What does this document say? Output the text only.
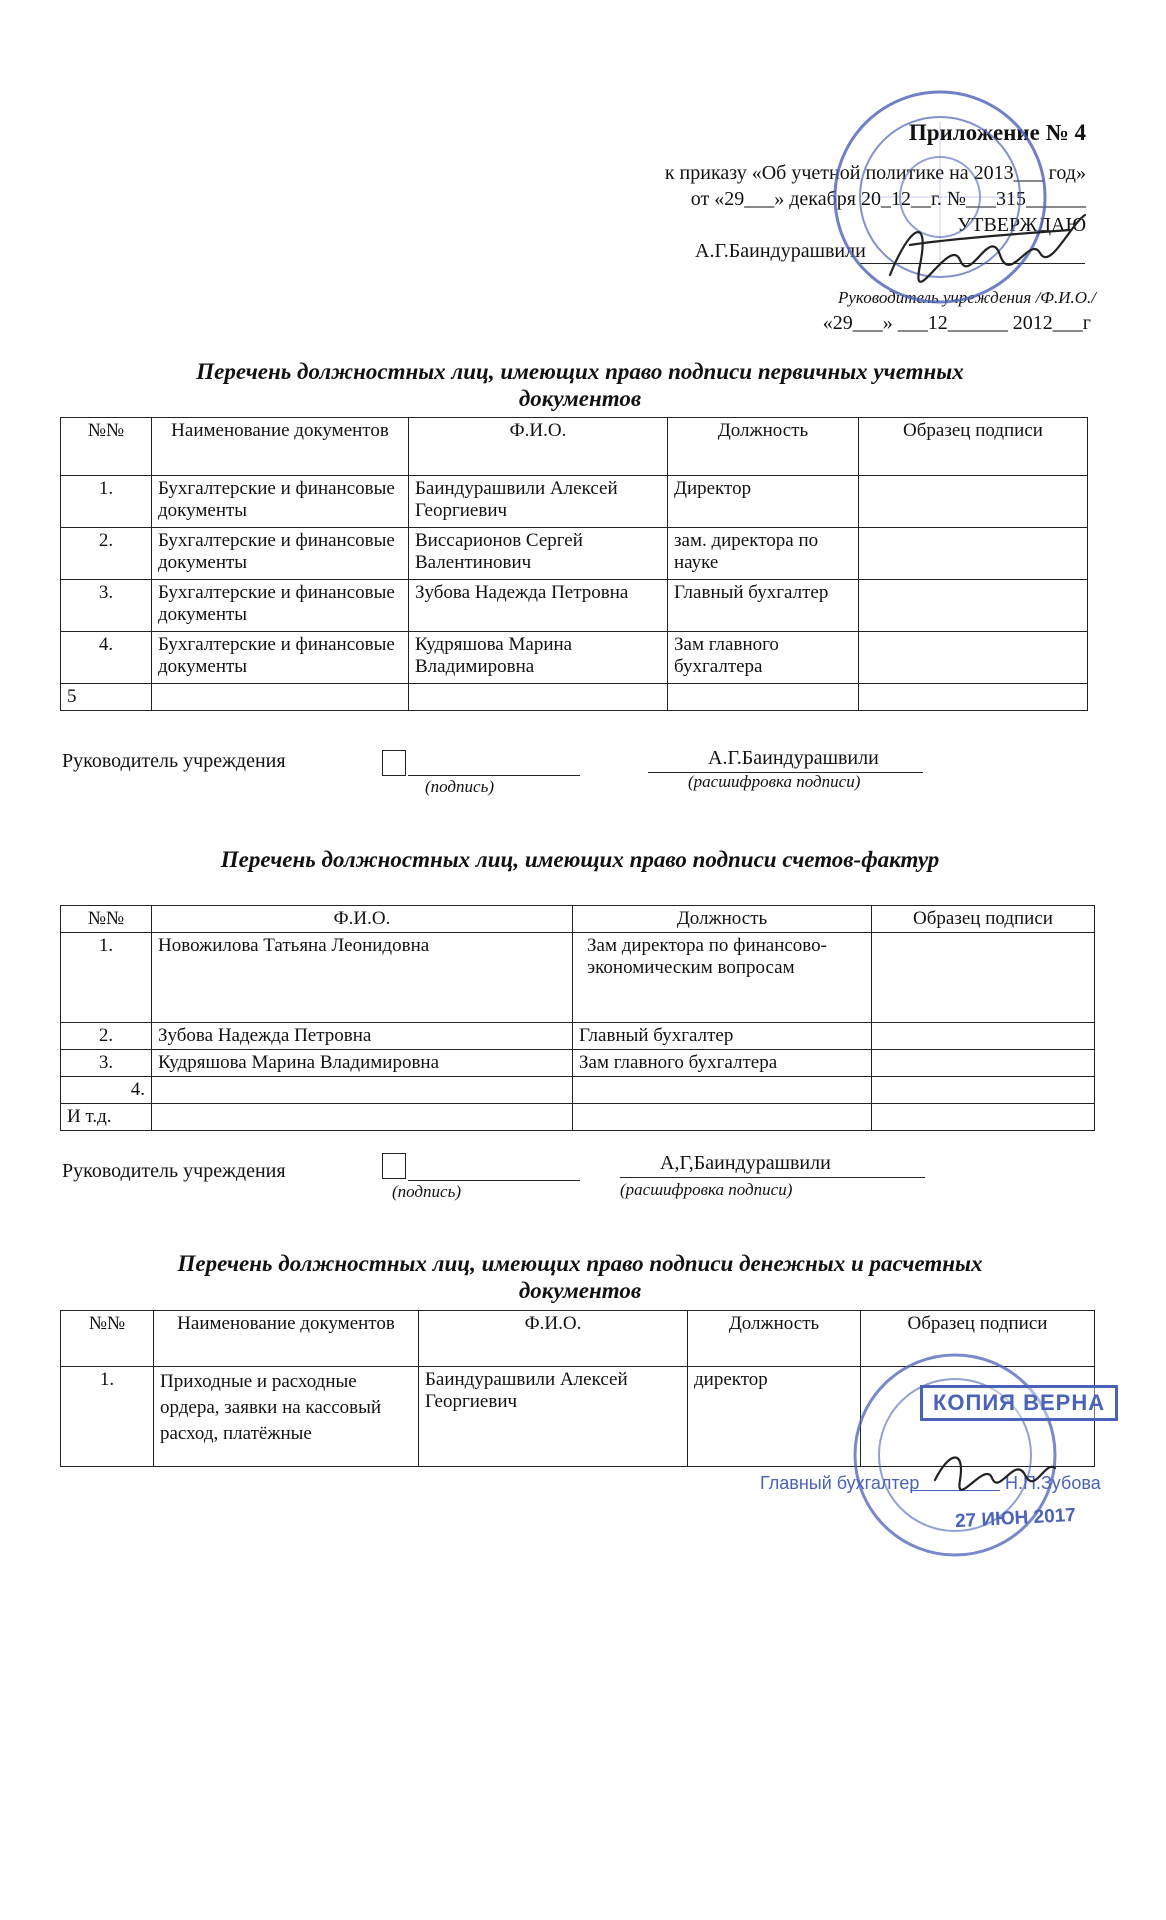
Приложение № 4
к приказу «Об учетной политике на 2013___ год»
от «29___» декабря 20_12__г. №___315______
УТВЕРЖДАЮ
А.Г.Баиндурашвили
Руководитель учреждения /Ф.И.О./
«29___» ___12______ 2012___г
Перечень должностных лиц, имеющих право подписи первичных учетных
документов
№№	Наименование документов	Ф.И.О.	Должность	Образец подписи
1.	Бухгалтерские и финансовые документы	Баиндурашвили Алексей Георгиевич	Директор	
2.	Бухгалтерские и финансовые документы	Виссарионов Сергей Валентинович	зам. директора по науке	
3.	Бухгалтерские и финансовые документы	Зубова Надежда Петровна	Главный бухгалтер	
4.	Бухгалтерские и финансовые документы	Кудряшова Марина Владимировна	Зам главного бухгалтера	
5				
Руководитель учреждения
(подпись)
А.Г.Баиндурашвили
(расшифровка подписи)
Перечень должностных лиц, имеющих право подписи счетов-фактур
№№	Ф.И.О.	Должность	Образец подписи
1.	Новожилова Татьяна Леонидовна	Зам директора по финансово-экономическим вопросам	
2.	Зубова Надежда Петровна	Главный бухгалтер	
3.	Кудряшова Марина Владимировна	Зам главного бухгалтера	
4.			
И т.д.			
Руководитель учреждения
(подпись)
А,Г,Баиндурашвили
(расшифровка подписи)
Перечень должностных лиц, имеющих право подписи денежных и расчетных
документов
№№	Наименование документов	Ф.И.О.	Должность	Образец подписи
1.	Приходные и расходные ордера, заявки на кассовый расход, платёжные	Баиндурашвили Алексей Георгиевич	директор	
КОПИЯ ВЕРНА
Главный бухгалтер	Н.П.Зубова
27 ИЮН 2017
